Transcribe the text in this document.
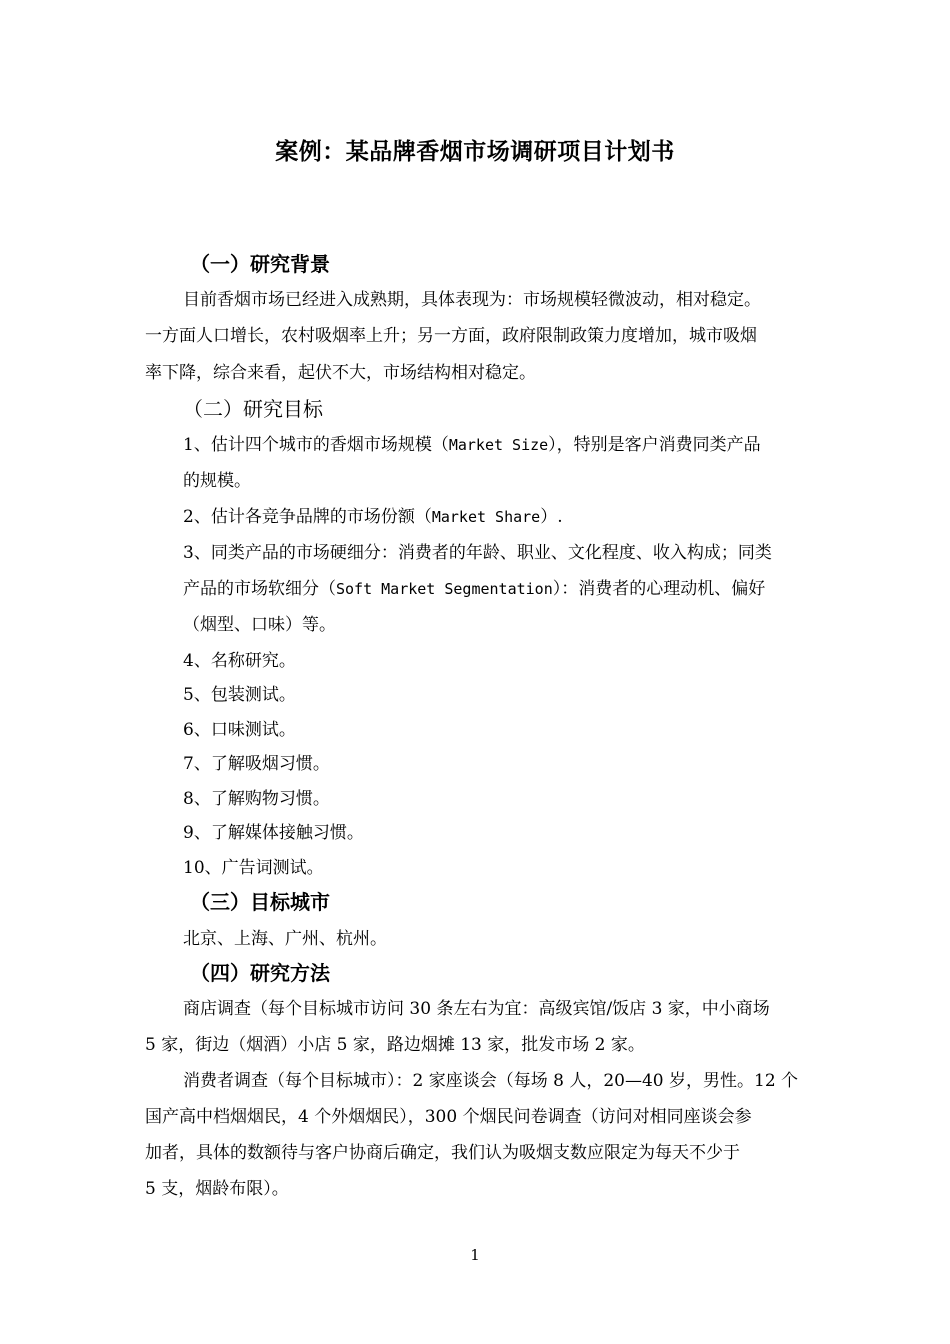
案例：某品牌香烟市场调研项目计划书
（一）研究背景
目前香烟市场已经进入成熟期，具体表现为：市场规模轻微波动，相对稳定。
一方面人口增长，农村吸烟率上升；另一方面，政府限制政策力度增加，城市吸烟
率下降，综合来看，起伏不大，市场结构相对稳定。
（二）研究目标
1、估计四个城市的香烟市场规模（Market Size），特别是客户消费同类产品
的规模。
2、估计各竞争品牌的市场份额（Market Share）.
3、同类产品的市场硬细分：消费者的年龄、职业、文化程度、收入构成；同类
产品的市场软细分（Soft Market Segmentation）：消费者的心理动机、偏好
（烟型、口味）等。
4、名称研究。
5、包装测试。
6、口味测试。
7、了解吸烟习惯。
8、了解购物习惯。
9、了解媒体接触习惯。
10、广告词测试。
（三）目标城市
北京、上海、广州、杭州。
（四）研究方法
商店调查（每个目标城市访问 30 条左右为宜：高级宾馆/饭店 3 家，中小商场
5 家，街边（烟酒）小店 5 家，路边烟摊 13 家，批发市场 2 家。
消费者调查（每个目标城市）：2 家座谈会（每场 8 人，20—40 岁，男性。12 个
国产高中档烟烟民，4 个外烟烟民），300 个烟民问卷调查（访问对相同座谈会参
加者，具体的数额待与客户协商后确定，我们认为吸烟支数应限定为每天不少于
5 支，烟龄布限）。
1
